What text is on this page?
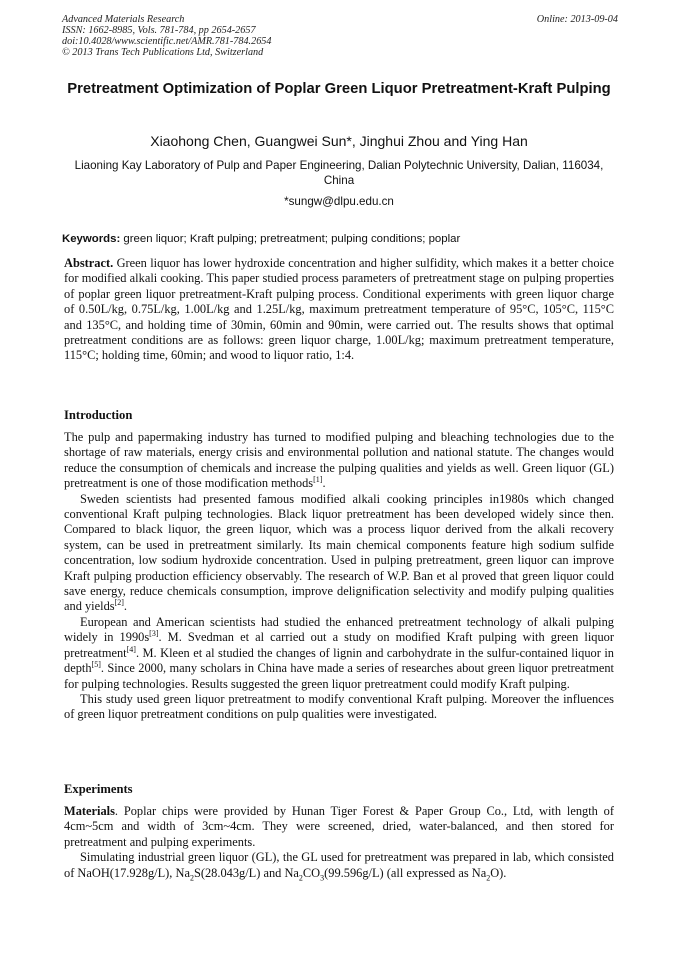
Advanced Materials Research
ISSN: 1662-8985, Vols. 781-784, pp 2654-2657
doi:10.4028/www.scientific.net/AMR.781-784.2654
© 2013 Trans Tech Publications Ltd, Switzerland
Online: 2013-09-04
Pretreatment Optimization of Poplar Green Liquor Pretreatment-Kraft Pulping
Xiaohong Chen, Guangwei Sun*, Jinghui Zhou and Ying Han
Liaoning Kay Laboratory of Pulp and Paper Engineering, Dalian Polytechnic University, Dalian, 116034, China
*sungw@dlpu.edu.cn
Keywords: green liquor; Kraft pulping; pretreatment; pulping conditions; poplar

Abstract. Green liquor has lower hydroxide concentration and higher sulfidity, which makes it a better choice for modified alkali cooking. This paper studied process parameters of pretreatment stage on pulping properties of poplar green liquor pretreatment-Kraft pulping process. Conditional experiments with green liquor charge of 0.50L/kg, 0.75L/kg, 1.00L/kg and 1.25L/kg, maximum pretreatment temperature of 95°C, 105°C, 115°C and 135°C, and holding time of 30min, 60min and 90min, were carried out. The results shows that optimal pretreatment conditions are as follows: green liquor charge, 1.00L/kg; maximum pretreatment temperature, 115°C; holding time, 60min; and wood to liquor ratio, 1:4.

Introduction

The pulp and papermaking industry has turned to modified pulping and bleaching technologies due to the shortage of raw materials, energy crisis and environmental pollution and national statute. The changes would reduce the consumption of chemicals and increase the pulping qualities and yields as well. Green liquor (GL) pretreatment is one of those modification methods[1].

Sweden scientists had presented famous modified alkali cooking principles in1980s which changed conventional Kraft pulping technologies. Black liquor pretreatment has been developed widely since then. Compared to black liquor, the green liquor, which was a process liquor derived from the alkali recovery system, can be used in pretreatment similarly. Its main chemical components feature high sodium sulfide concentration, low sodium hydroxide concentration. Used in pulping pretreatment, green liquor can improve Kraft pulping production efficiency observably. The research of W.P. Ban et al proved that green liquor could save energy, reduce chemicals consumption, improve delignification selectivity and modify pulping qualities and yields[2].

European and American scientists had studied the enhanced pretreatment technology of alkali pulping widely in 1990s[3]. M. Svedman et al carried out a study on modified Kraft pulping with green liquor pretreatment[4]. M. Kleen et al studied the changes of lignin and carbohydrate in the sulfur-contained liquor in depth[5]. Since 2000, many scholars in China have made a series of researches about green liquor pretreatment for pulping technologies. Results suggested the green liquor pretreatment could modify Kraft pulping.

This study used green liquor pretreatment to modify conventional Kraft pulping. Moreover the influences of green liquor pretreatment conditions on pulp qualities were investigated.

Experiments

Materials. Poplar chips were provided by Hunan Tiger Forest & Paper Group Co., Ltd, with length of 4cm~5cm and width of 3cm~4cm. They were screened, dried, water-balanced, and then stored for pretreatment and pulping experiments.

Simulating industrial green liquor (GL), the GL used for pretreatment was prepared in lab, which consisted of NaOH(17.928g/L), $Na_2S(28.043g/L)$ and $Na_2CO_3(99.596g/L)$ (all expressed as $Na_2O$).
